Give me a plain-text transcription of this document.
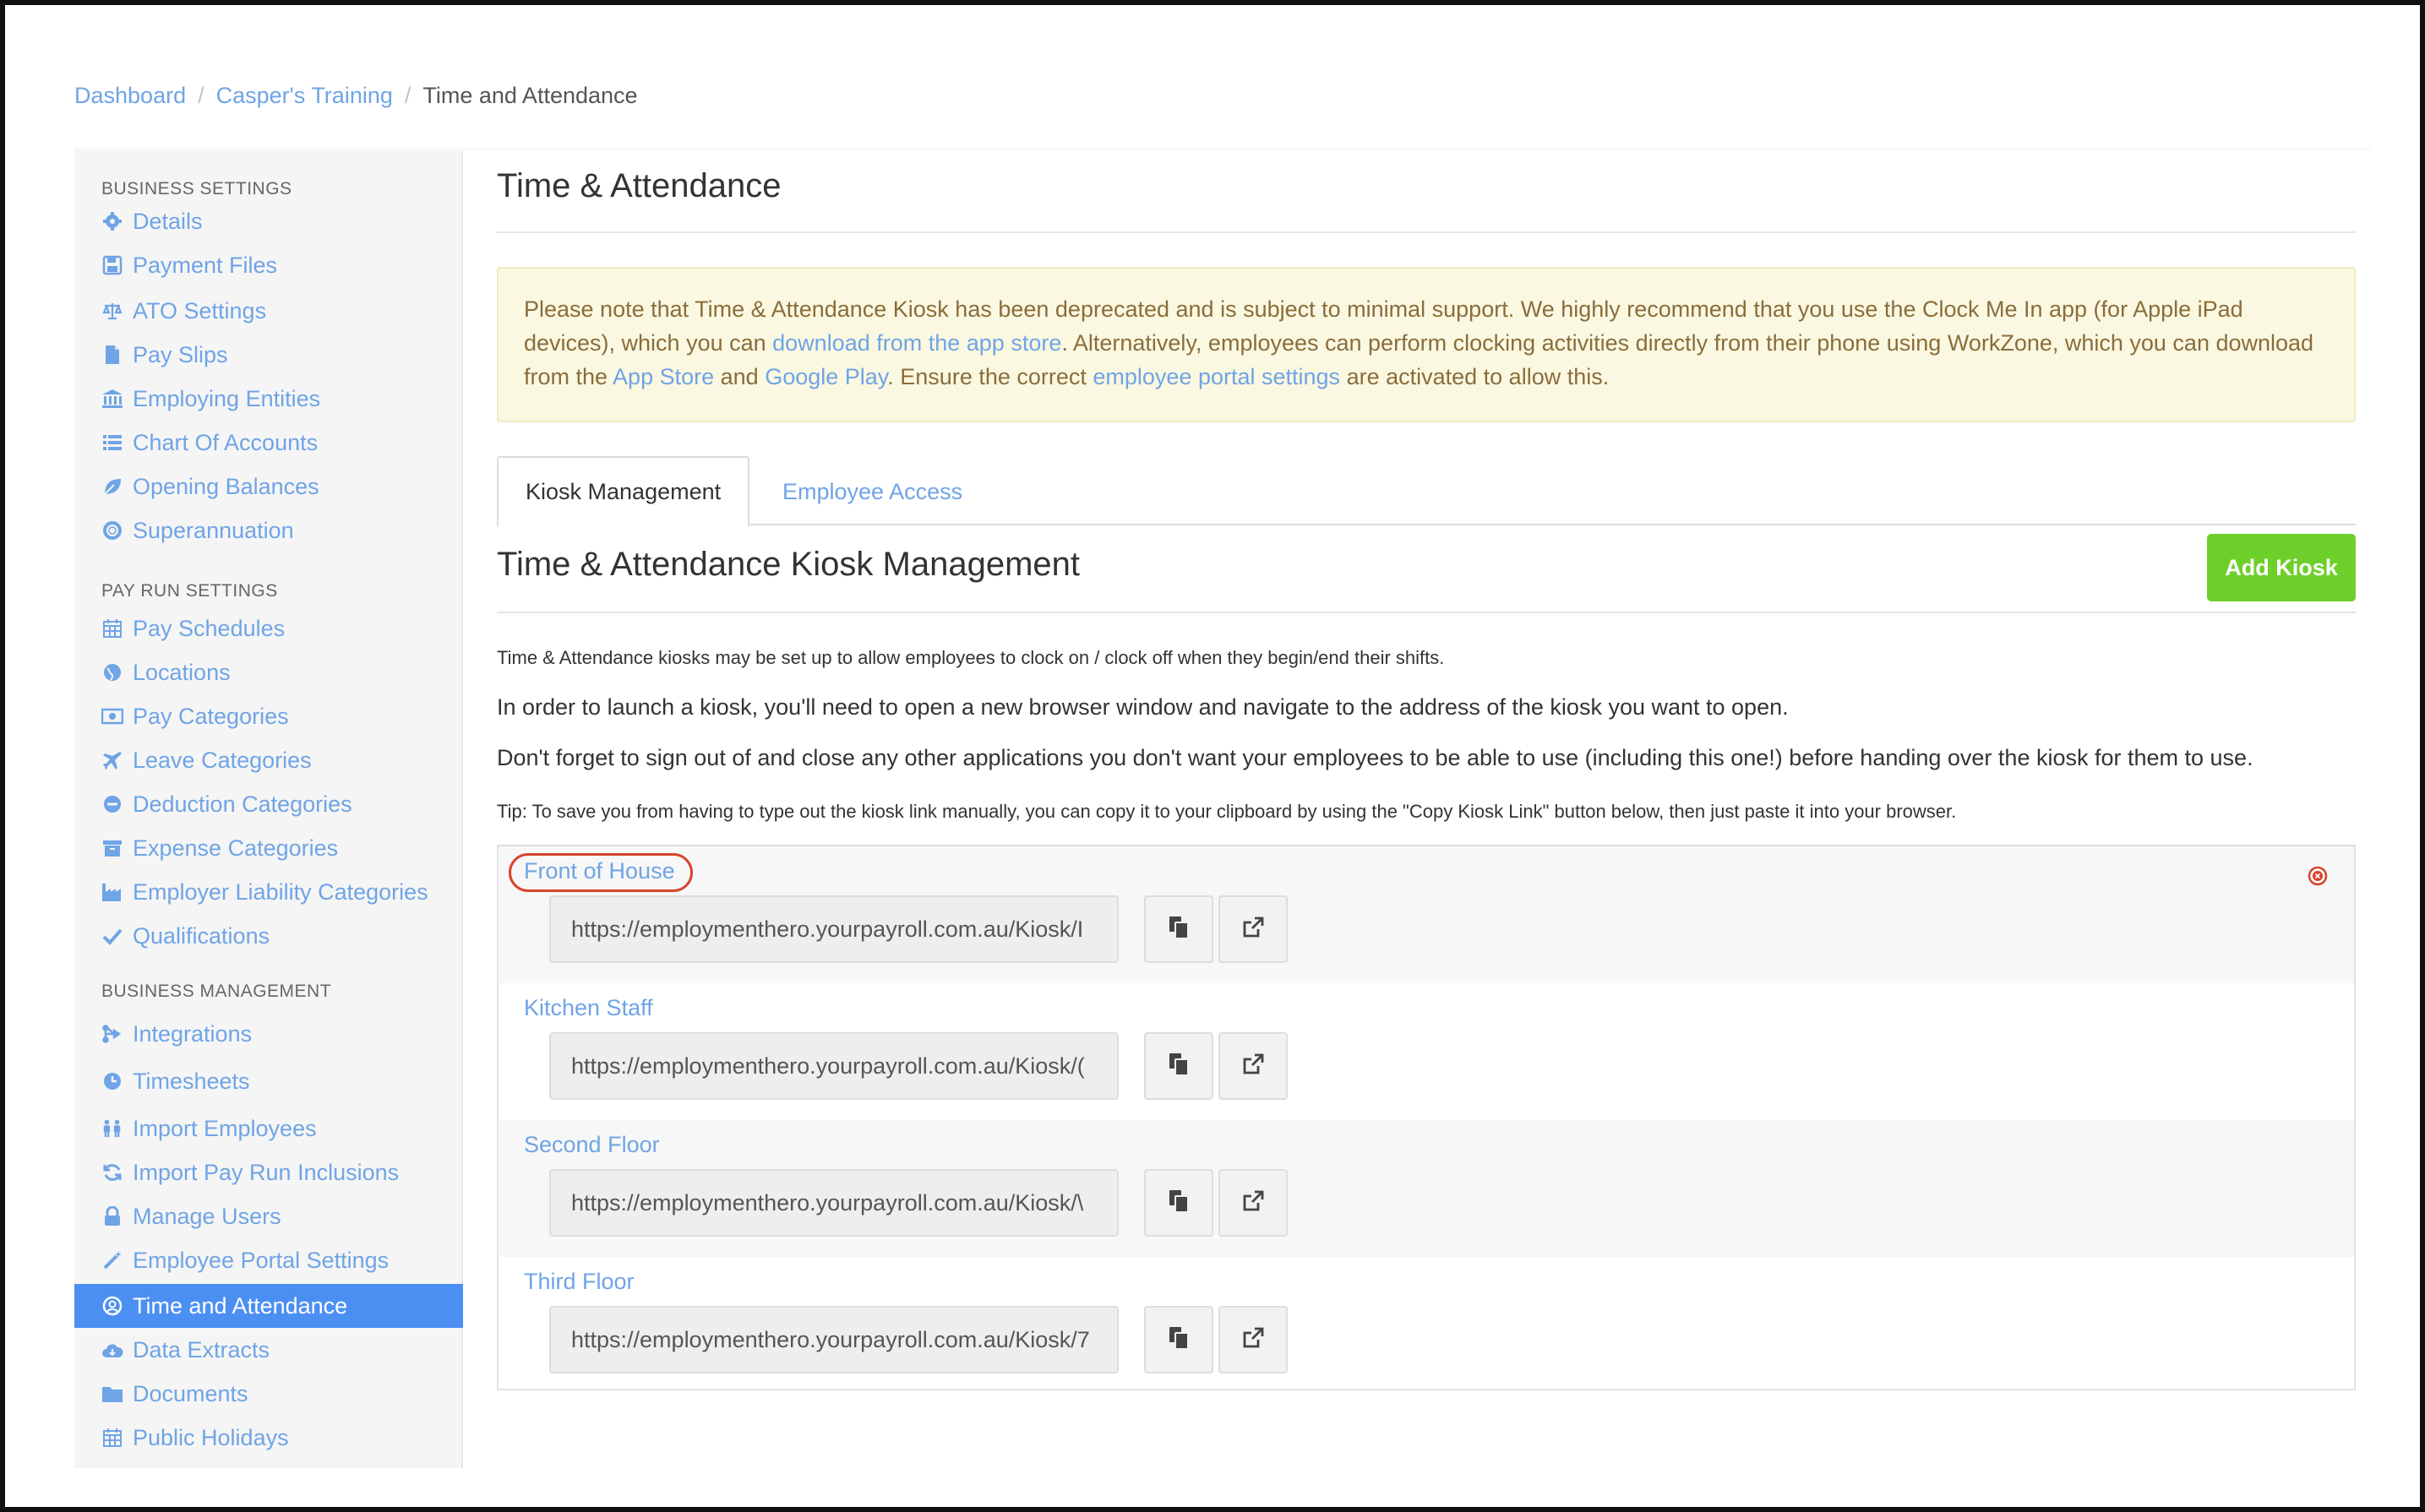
Dashboard / Casper's Training / Time and Attendance
BUSINESS SETTINGS
Details
Payment Files
ATO Settings
Pay Slips
Employing Entities
Chart Of Accounts
Opening Balances
Superannuation
PAY RUN SETTINGS
Pay Schedules
Locations
Pay Categories
Leave Categories
Deduction Categories
Expense Categories
Employer Liability Categories
Qualifications
BUSINESS MANAGEMENT
Integrations
Timesheets
Import Employees
Import Pay Run Inclusions
Manage Users
Employee Portal Settings
Time and Attendance
Data Extracts
Documents
Public Holidays
Time & Attendance
Please note that Time & Attendance Kiosk has been deprecated and is subject to minimal support. We highly recommend that you use the Clock Me In app (for Apple iPad devices), which you can download from the app store. Alternatively, employees can perform clocking activities directly from their phone using WorkZone, which you can download from the App Store and Google Play. Ensure the correct employee portal settings are activated to allow this.
Kiosk Management	Employee Access
Time & Attendance Kiosk Management	Add Kiosk

Time & Attendance kiosks may be set up to allow employees to clock on / clock off when they begin/end their shifts.

In order to launch a kiosk, you'll need to open a new browser window and navigate to the address of the kiosk you want to open.

Don't forget to sign out of and close any other applications you don't want your employees to be able to use (including this one!) before handing over the kiosk for them to use.

Tip: To save you from having to type out the kiosk link manually, you can copy it to your clipboard by using the "Copy Kiosk Link" button below, then just paste it into your browser.

Front of House
https://employmenthero.yourpayroll.com.au/Kiosk/I
Kitchen Staff
https://employmenthero.yourpayroll.com.au/Kiosk/(
Second Floor
https://employmenthero.yourpayroll.com.au/Kiosk/\
Third Floor
https://employmenthero.yourpayroll.com.au/Kiosk/7
